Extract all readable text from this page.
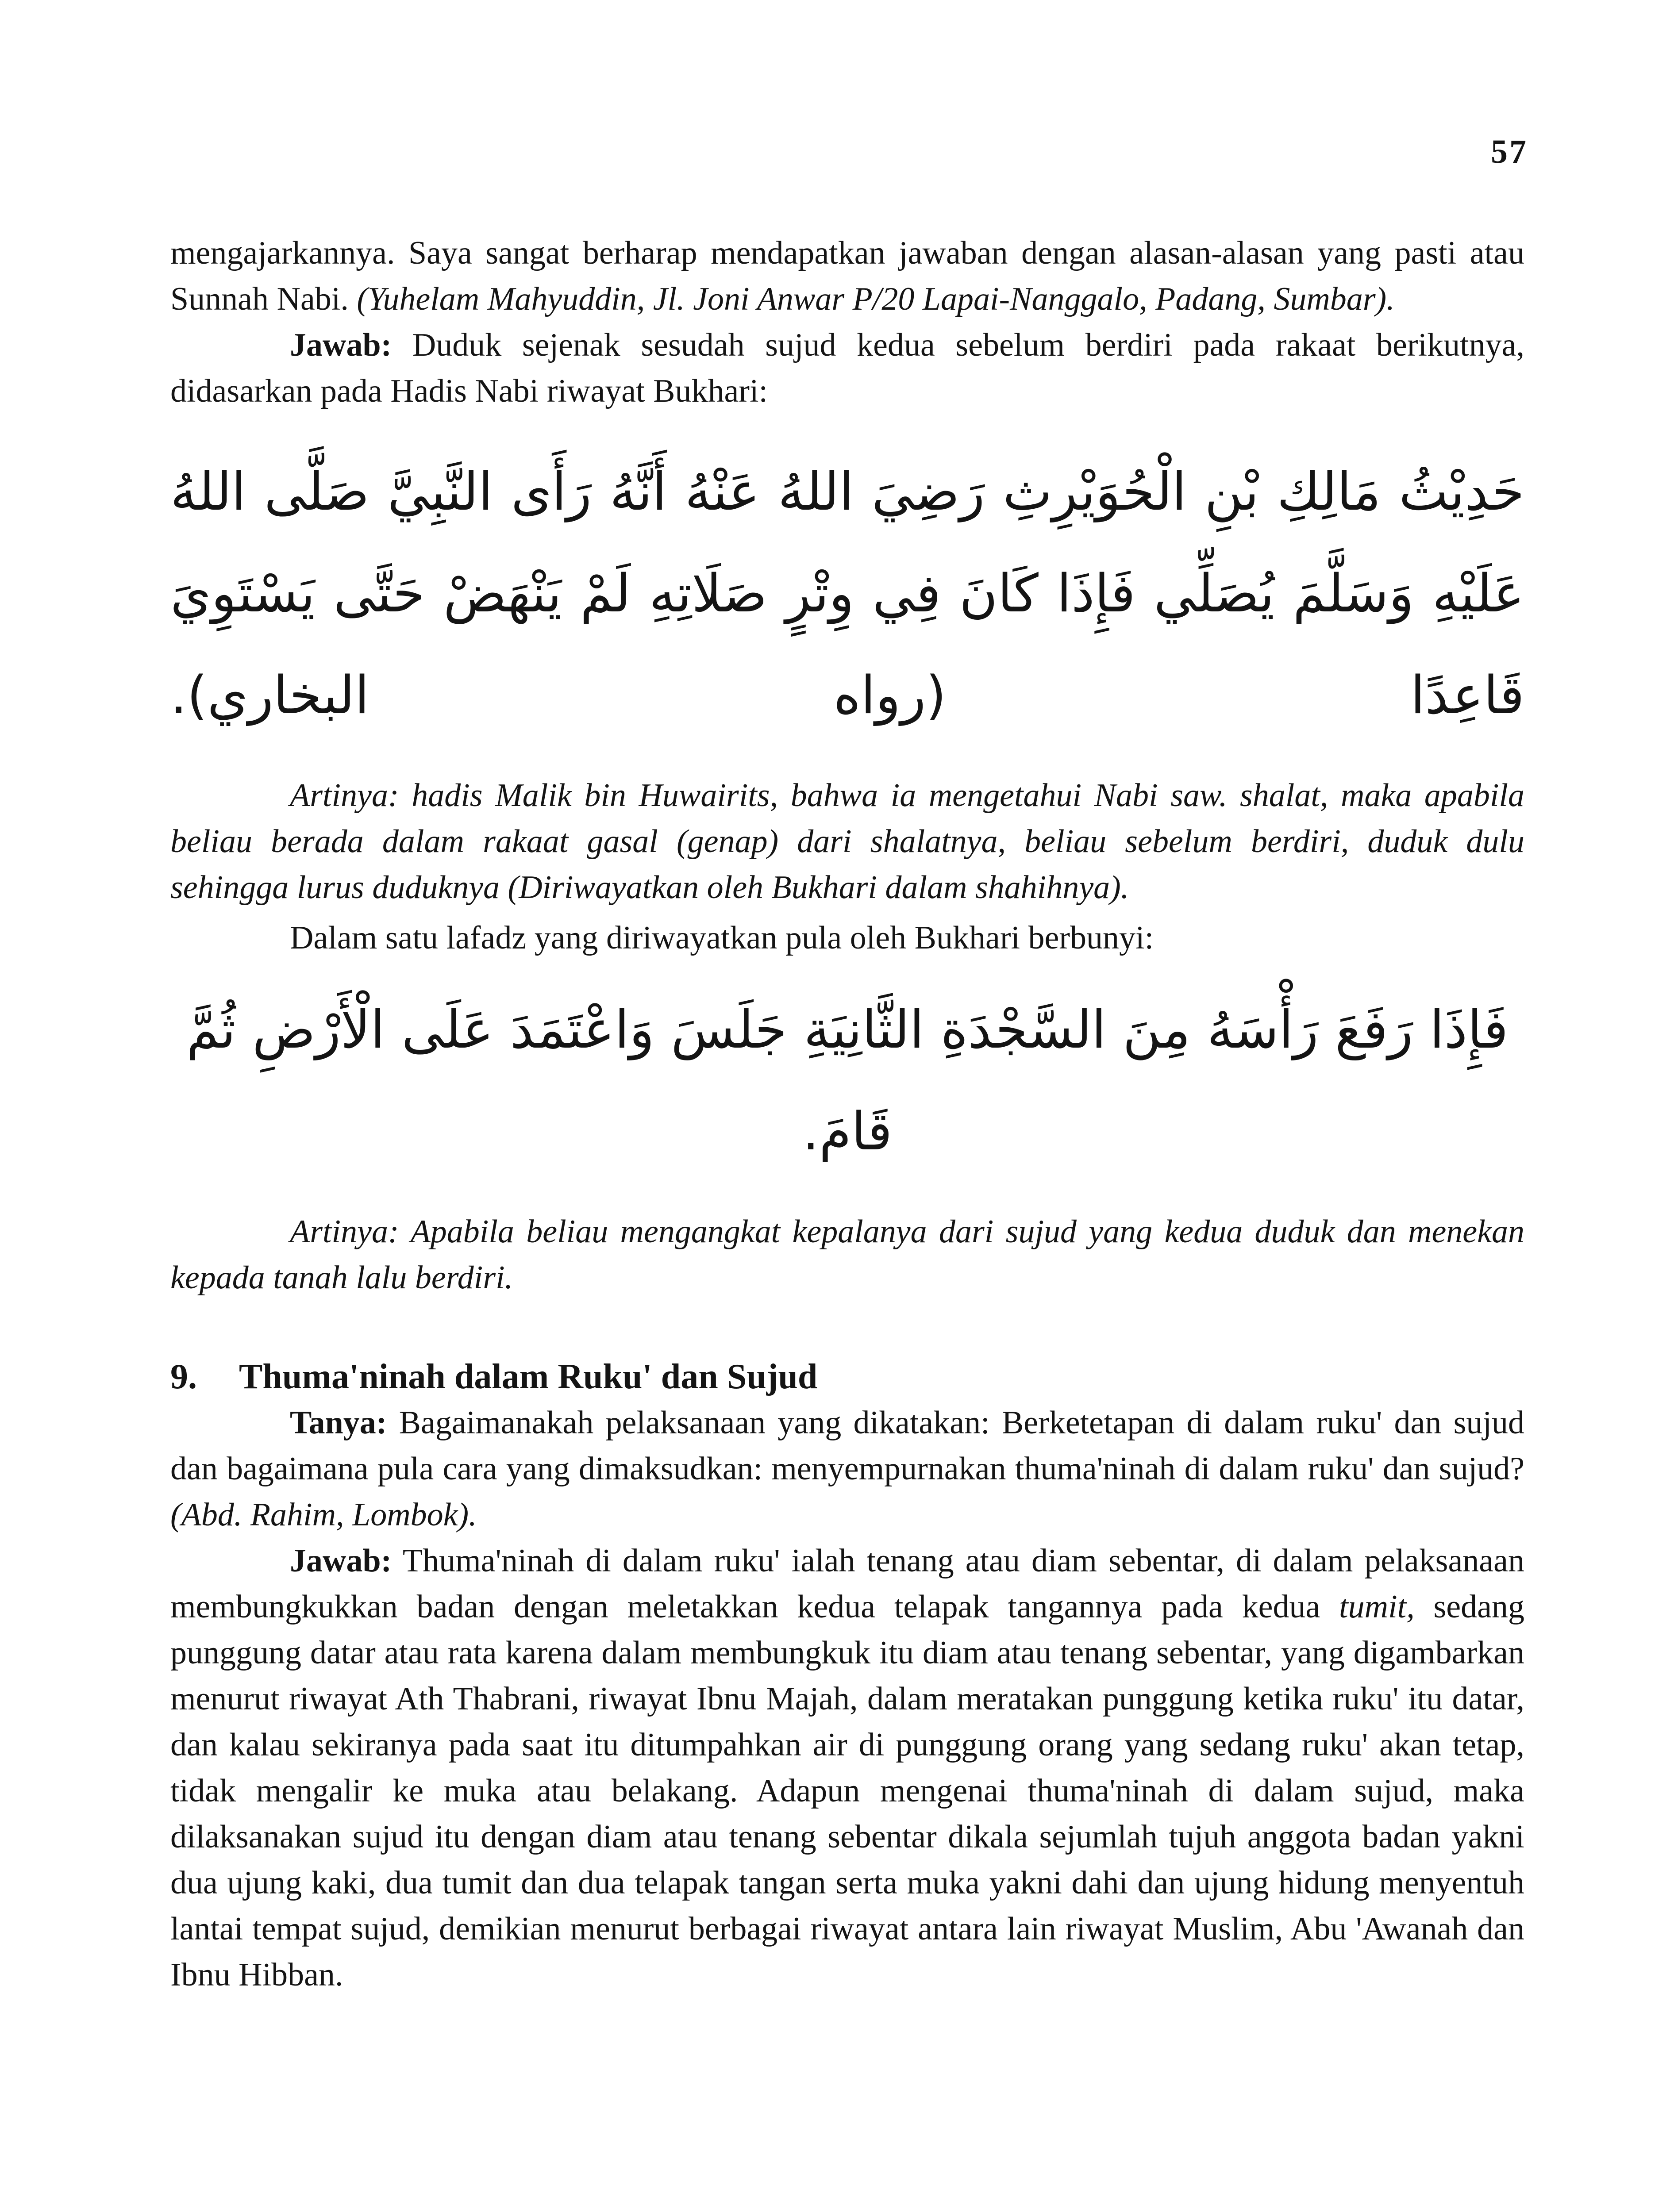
57

mengajarkannya. Saya sangat berharap mendapatkan jawaban dengan alasan-alasan yang pasti atau Sunnah Nabi. (Yuhelam Mahyuddin, Jl. Joni Anwar P/20 Lapai-Nanggalo, Padang, Sumbar).

Jawab: Duduk sejenak sesudah sujud kedua sebelum berdiri pada rakaat berikutnya, didasarkan pada Hadis Nabi riwayat Bukhari:

حَدِيْثُ مَالِكِ بْنِ الْحُوَيْرِثِ رَضِيَ اللهُ عَنْهُ أَنَّهُ رَأَى النَّبِيَّ صَلَّى اللهُ عَلَيْهِ وَسَلَّمَ يُصَلِّي فَإِذَا كَانَ فِي وِتْرٍ صَلَاتِهِ لَمْ يَنْهَضْ حَتَّى يَسْتَوِيَ قَاعِدًا (رواه البخاري).

Artinya: hadis Malik bin Huwairits, bahwa ia mengetahui Nabi saw. shalat, maka apabila beliau berada dalam rakaat gasal (genap) dari shalatnya, beliau sebelum berdiri, duduk dulu sehingga lurus duduknya (Diriwayatkan oleh Bukhari dalam shahihnya).

Dalam satu lafadz yang diriwayatkan pula oleh Bukhari berbunyi:

فَإِذَا رَفَعَ رَأْسَهُ مِنَ السَّجْدَةِ الثَّانِيَةِ جَلَسَ وَاعْتَمَدَ عَلَى الْأَرْضِ ثُمَّ قَامَ.

Artinya: Apabila beliau mengangkat kepalanya dari sujud yang kedua duduk dan menekan kepada tanah lalu berdiri.

9. Thuma'ninah dalam Ruku' dan Sujud

Tanya: Bagaimanakah pelaksanaan yang dikatakan: Berketetapan di dalam ruku' dan sujud dan bagaimana pula cara yang dimaksudkan: menyempurnakan thuma'ninah di dalam ruku' dan sujud? (Abd. Rahim, Lombok).

Jawab: Thuma'ninah di dalam ruku' ialah tenang atau diam sebentar, di dalam pelaksanaan membungkukkan badan dengan meletakkan kedua telapak tangannya pada kedua tumit, sedang punggung datar atau rata karena dalam membungkuk itu diam atau tenang sebentar, yang digambarkan menurut riwayat Ath Thabrani, riwayat Ibnu Majah, dalam meratakan punggung ketika ruku' itu datar, dan kalau sekiranya pada saat itu ditumpahkan air di punggung orang yang sedang ruku' akan tetap, tidak mengalir ke muka atau belakang. Adapun mengenai thuma'ninah di dalam sujud, maka dilaksanakan sujud itu dengan diam atau tenang sebentar dikala sejumlah tujuh anggota badan yakni dua ujung kaki, dua tumit dan dua telapak tangan serta muka yakni dahi dan ujung hidung menyentuh lantai tempat sujud, demikian menurut berbagai riwayat antara lain riwayat Muslim, Abu 'Awanah dan Ibnu Hibban.
